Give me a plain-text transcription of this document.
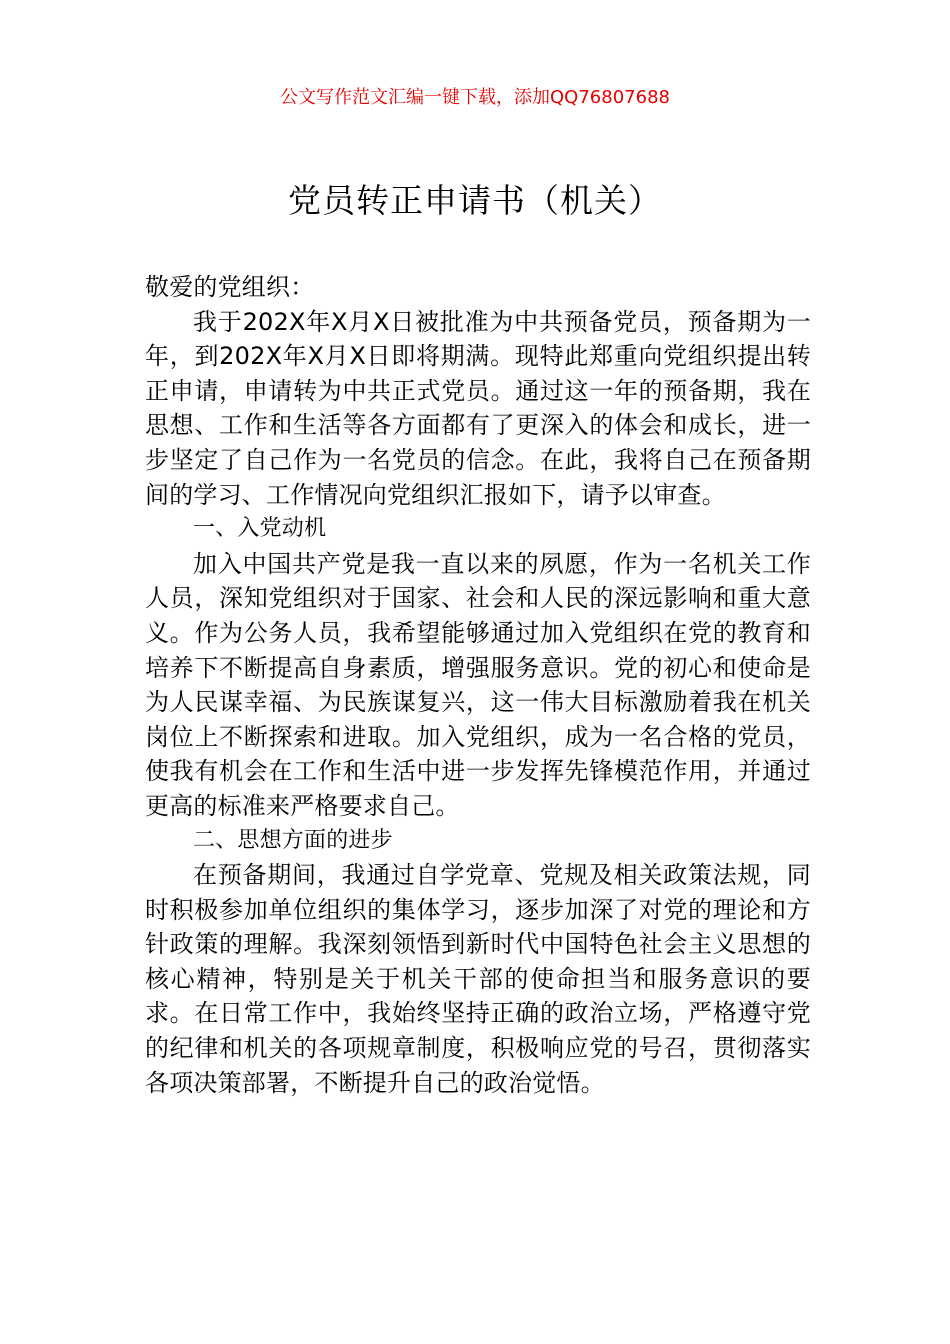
公文写作范文汇编一键下载，添加QQ76807688
党员转正申请书（机关）

敬爱的党组织：

我于202X年X月X日被批准为中共预备党员，预备期为一年，到202X年X月X日即将期满。现特此郑重向党组织提出转正申请，申请转为中共正式党员。通过这一年的预备期，我在思想、工作和生活等各方面都有了更深入的体会和成长，进一步坚定了自己作为一名党员的信念。在此，我将自己在预备期间的学习、工作情况向党组织汇报如下，请予以审查。

一、入党动机

加入中国共产党是我一直以来的夙愿，作为一名机关工作人员，深知党组织对于国家、社会和人民的深远影响和重大意义。作为公务人员，我希望能够通过加入党组织在党的教育和培养下不断提高自身素质，增强服务意识。党的初心和使命是为人民谋幸福、为民族谋复兴，这一伟大目标激励着我在机关岗位上不断探索和进取。加入党组织，成为一名合格的党员，使我有机会在工作和生活中进一步发挥先锋模范作用，并通过更高的标准来严格要求自己。

二、思想方面的进步

在预备期间，我通过自学党章、党规及相关政策法规，同时积极参加单位组织的集体学习，逐步加深了对党的理论和方针政策的理解。我深刻领悟到新时代中国特色社会主义思想的核心精神，特别是关于机关干部的使命担当和服务意识的要求。在日常工作中，我始终坚持正确的政治立场，严格遵守党的纪律和机关的各项规章制度，积极响应党的号召，贯彻落实各项决策部署，不断提升自己的政治觉悟。
